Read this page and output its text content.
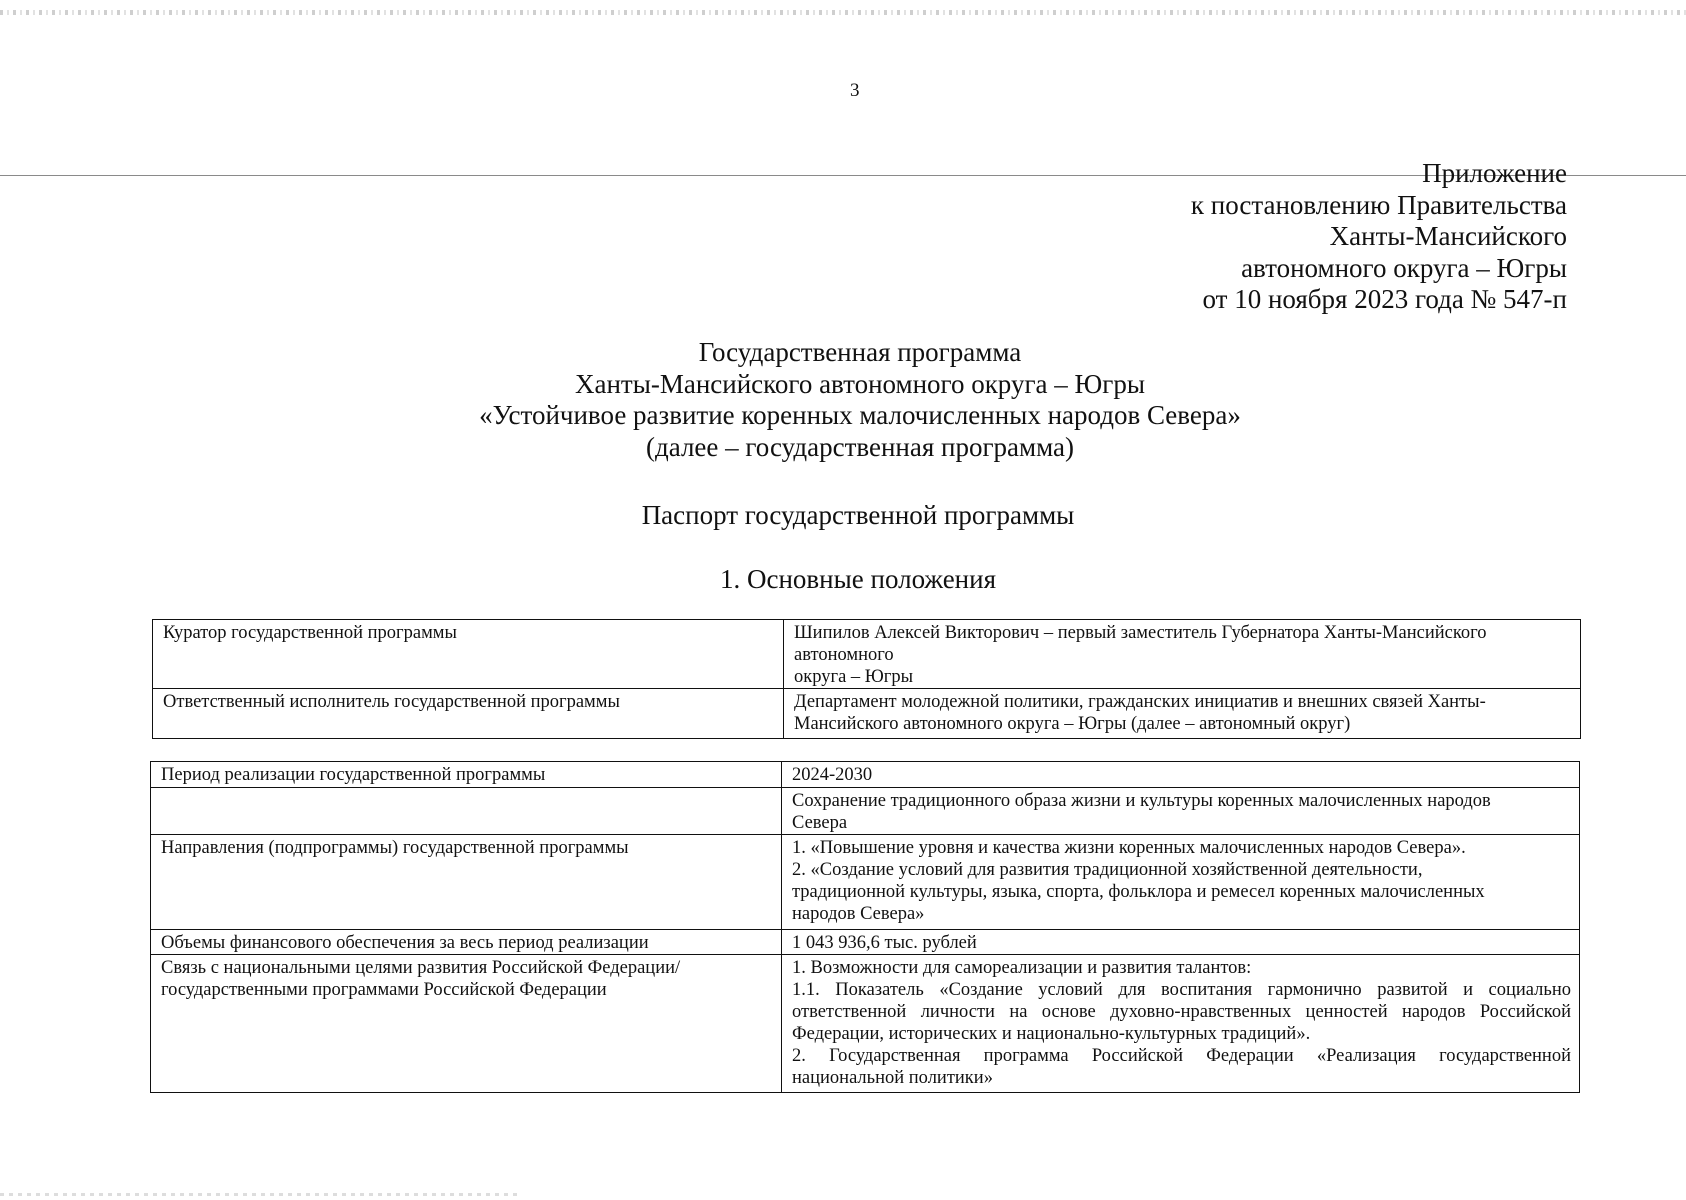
3
Приложение
к постановлению Правительства
Ханты-Мансийского
автономного округа – Югры
от 10 ноября 2023 года № 547-п
Государственная программа
Ханты-Мансийского автономного округа – Югры
«Устойчивое развитие коренных малочисленных народов Севера»
(далее – государственная программа)
Паспорт государственной программы
1. Основные положения
Куратор государственной программы	Шипилов Алексей Викторович – первый заместитель Губернатора Ханты-Мансийского
автономного
округа – Югры

Ответственный исполнитель государственной программы	Департамент молодежной политики, гражданских инициатив и внешних связей Ханты-
Мансийского автономного округа – Югры (далее – автономный округ)
Период реализации государственной программы	2024-2030

	Сохранение традиционного образа жизни и культуры коренных малочисленных народов
Севера

Направления (подпрограммы) государственной программы	1. «Повышение уровня и качества жизни коренных малочисленных народов Севера».
2. «Создание условий для развития традиционной хозяйственной деятельности,
традиционной культуры, языка, спорта, фольклора и ремесел коренных малочисленных
народов Севера»

Объемы финансового обеспечения за весь период реализации	1 043 936,6 тыс. рублей

Связь с национальными целями развития Российской Федерации/
государственными программами Российской Федерации	1. Возможности для самореализации и развития талантов:
1.1. Показатель «Создание условий для воспитания гармонично развитой и социально ответственной личности на основе духовно-нравственных ценностей народов Российской Федерации, исторических и национально-культурных традиций».
2. Государственная программа Российской Федерации «Реализация государственной национальной политики»
